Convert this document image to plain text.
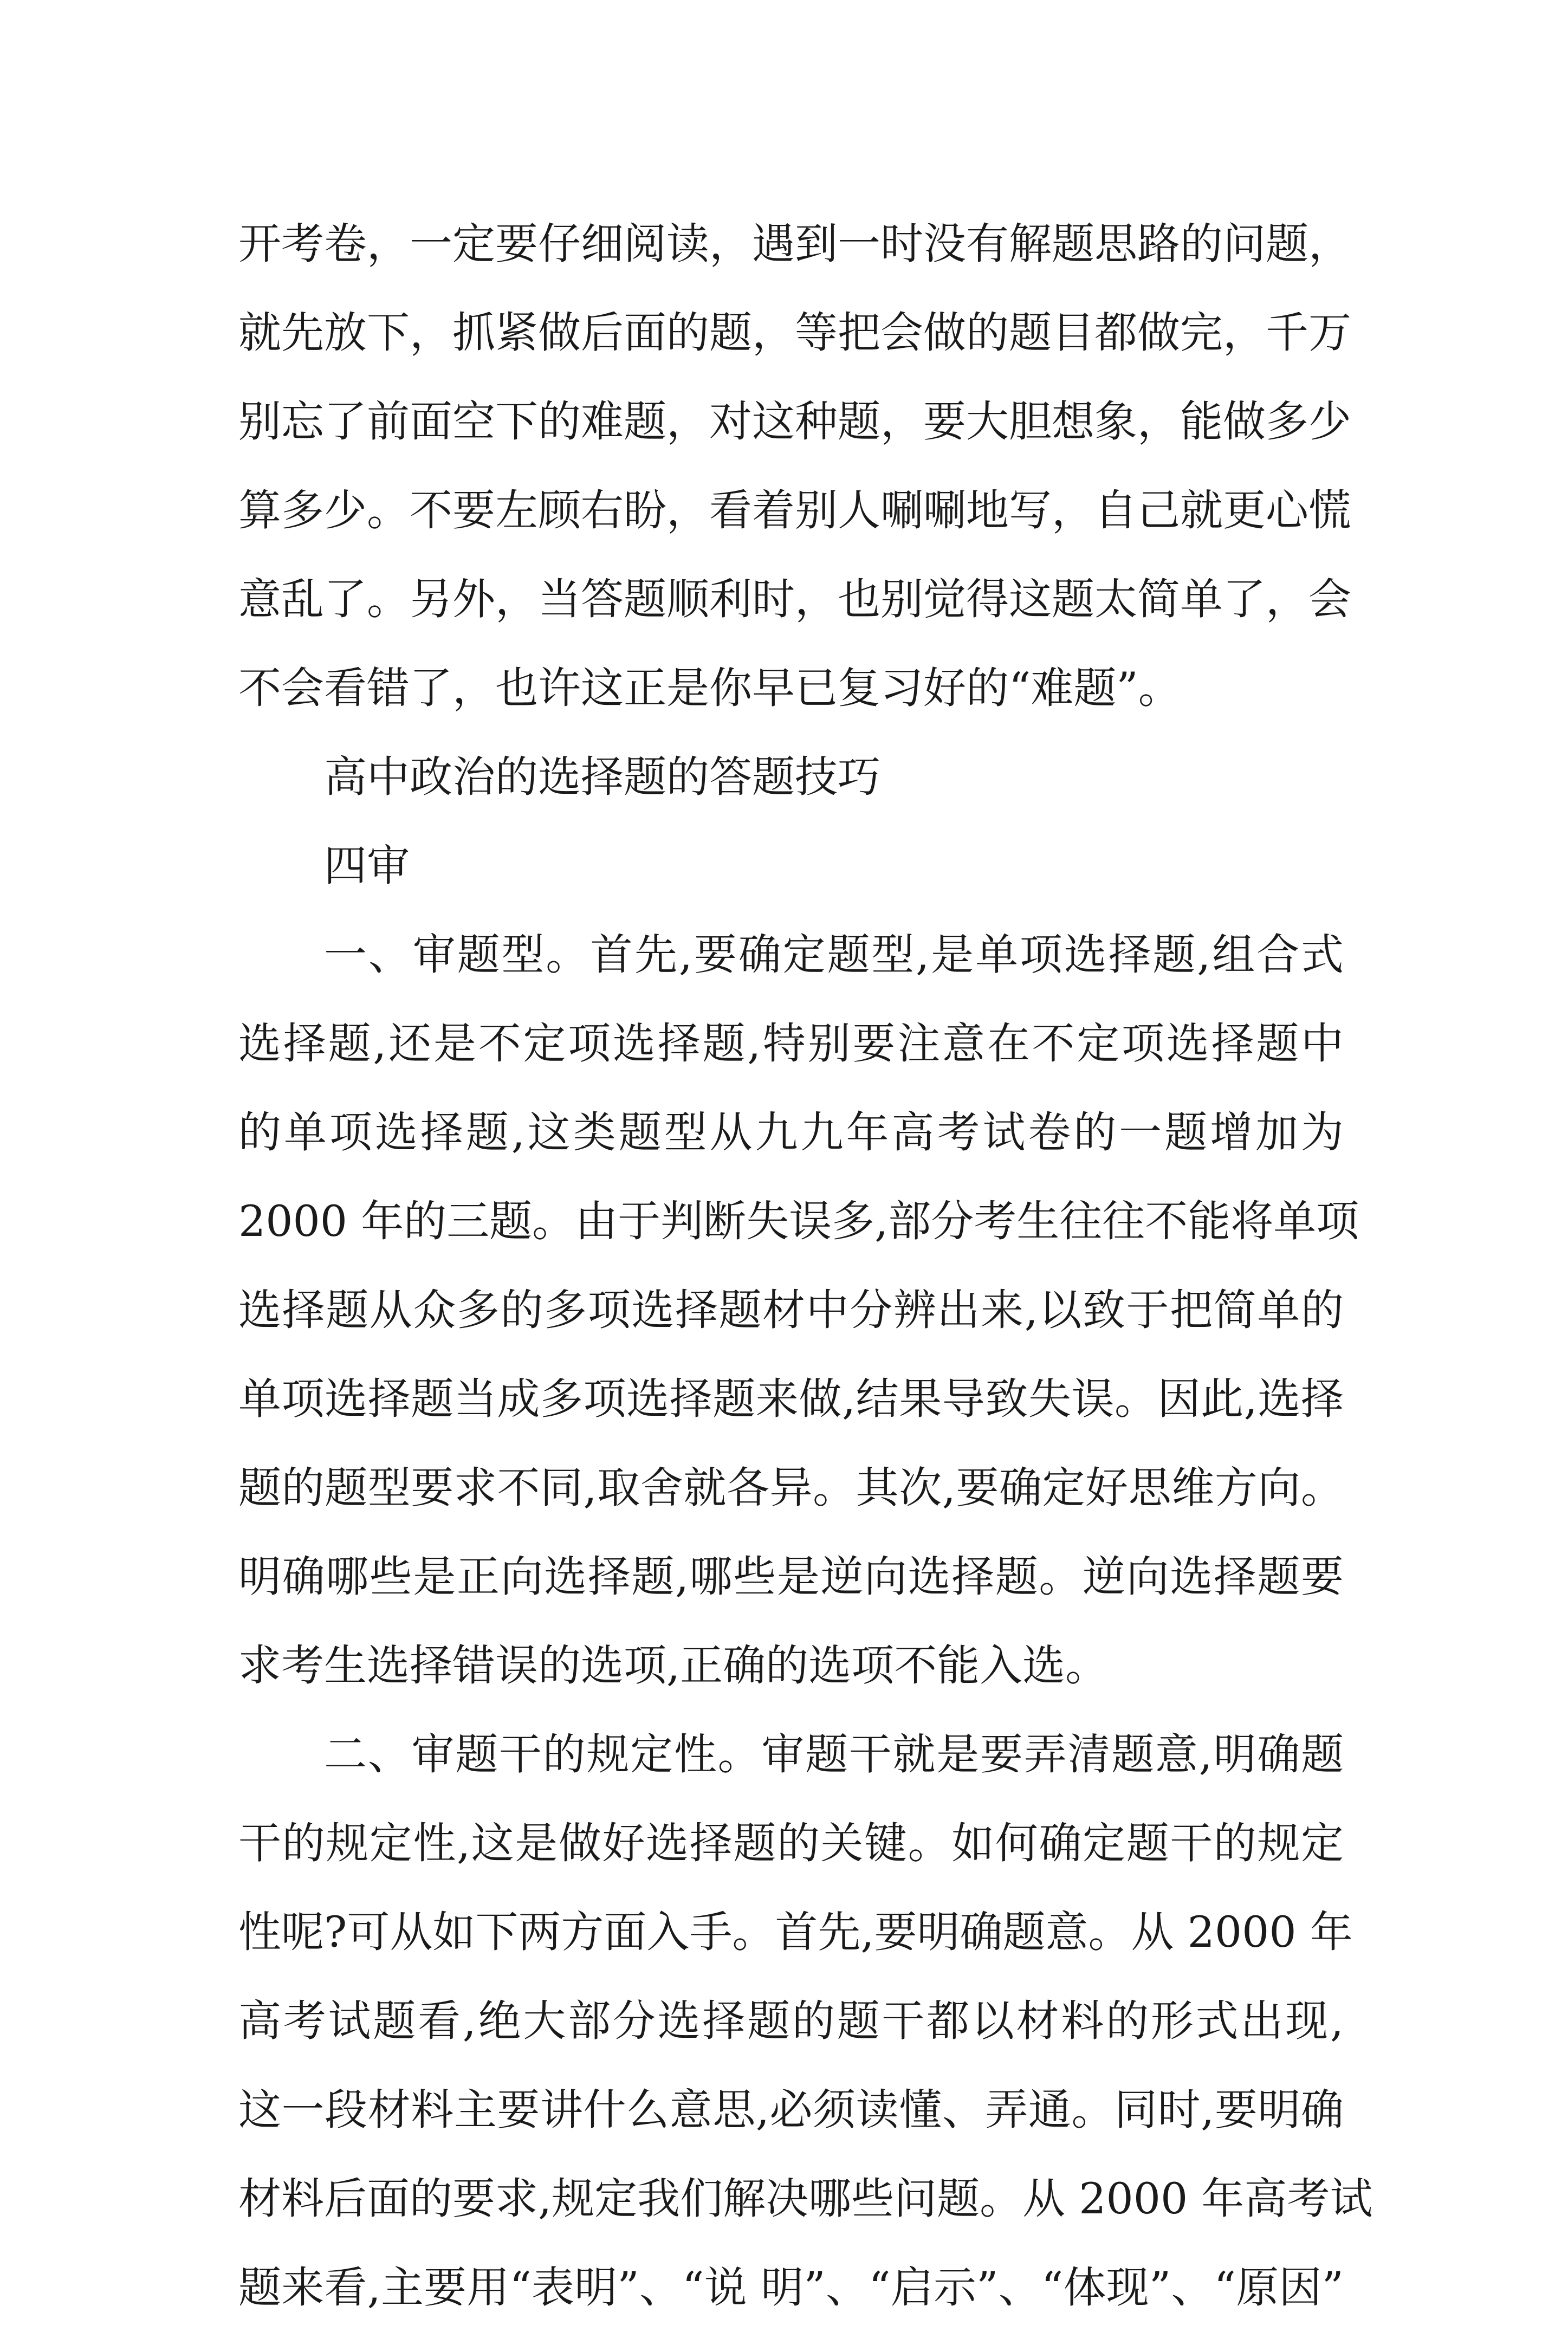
开考卷，一定要仔细阅读，遇到一时没有解题思路的问题，
就先放下，抓紧做后面的题，等把会做的题目都做完，千万
别忘了前面空下的难题，对这种题，要大胆想象，能做多少
算多少。不要左顾右盼，看着别人唰唰地写，自己就更心慌
意乱了。另外，当答题顺利时，也别觉得这题太简单了，会
不会看错了，也许这正是你早已复习好的“难题”。
高中政治的选择题的答题技巧
四审
一、审题型。首先,要确定题型,是单项选择题,组合式
选择题,还是不定项选择题,特别要注意在不定项选择题中
的单项选择题,这类题型从九九年高考试卷的一题增加为
2000 年的三题。由于判断失误多,部分考生往往不能将单项
选择题从众多的多项选择题材中分辨出来,以致于把简单的
单项选择题当成多项选择题来做,结果导致失误。因此,选择
题的题型要求不同,取舍就各异。其次,要确定好思维方向。
明确哪些是正向选择题,哪些是逆向选择题。逆向选择题要
求考生选择错误的选项,正确的选项不能入选。
二、审题干的规定性。审题干就是要弄清题意,明确题
干的规定性,这是做好选择题的关键。如何确定题干的规定
性呢?可从如下两方面入手。首先,要明确题意。从 2000 年
高考试题看,绝大部分选择题的题干都以材料的形式出现,
这一段材料主要讲什么意思,必须读懂、弄通。同时,要明确
材料后面的要求,规定我们解决哪些问题。从 2000 年高考试
题来看,主要用“表明”、“说 明”、“启示”、“体现”、“原因”
